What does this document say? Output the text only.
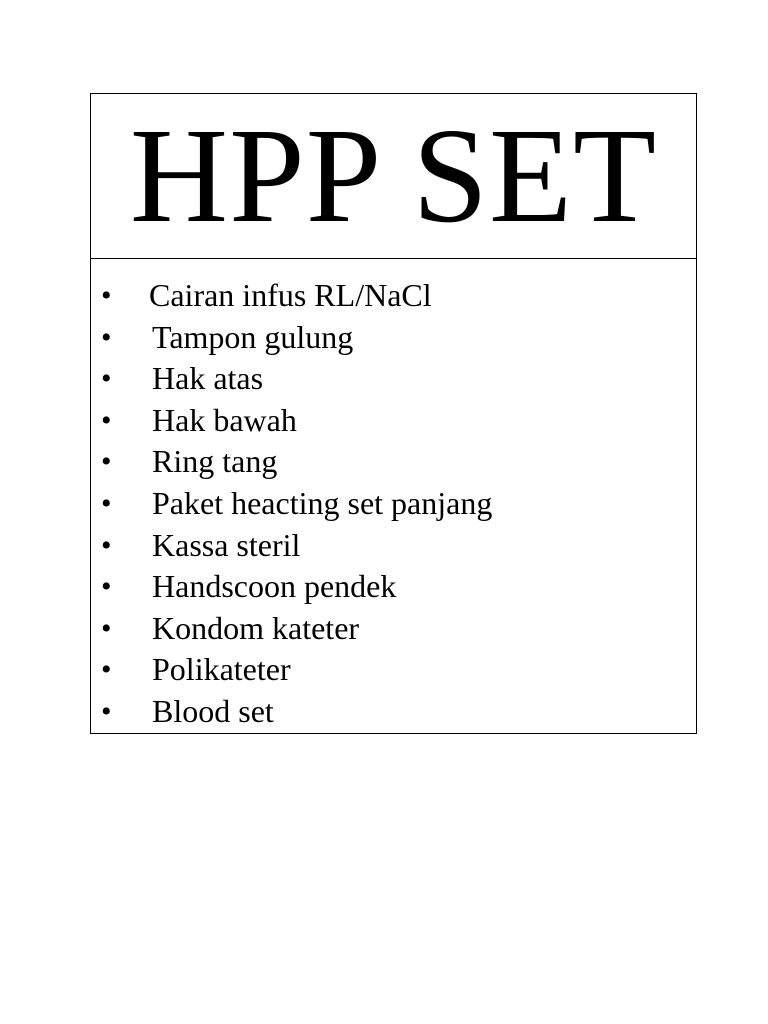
HPP SET

• Cairan infus RL/NaCl
• Tampon gulung
• Hak atas
• Hak bawah
• Ring tang
• Paket heacting set panjang
• Kassa steril
• Handscoon pendek
• Kondom kateter
• Polikateter
• Blood set
